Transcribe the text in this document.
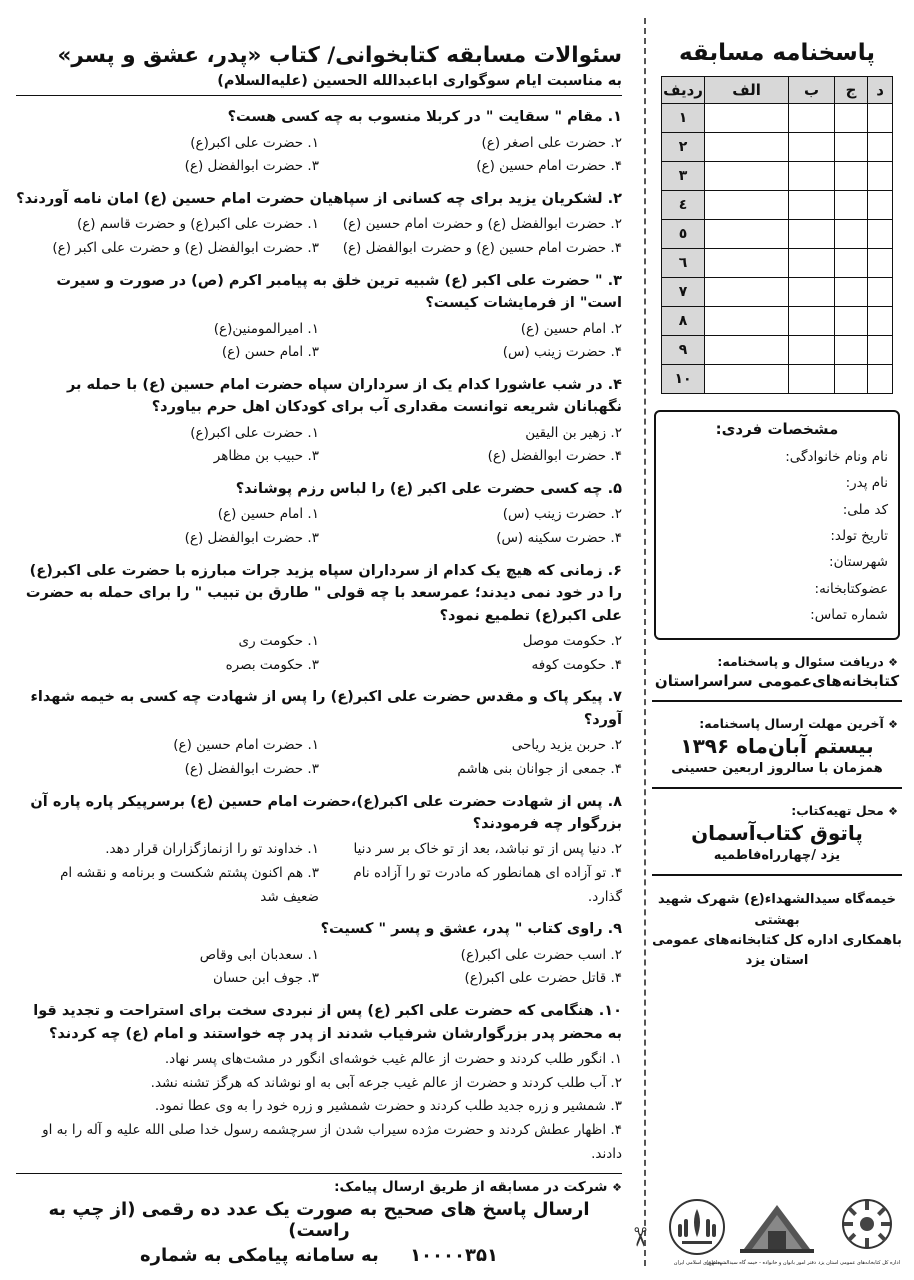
پاسخنامه مسابقه
د	ج	ب	الف	ردیف
				۱
				۲
				۳
				٤
				٥
				٦
				۷
				۸
				۹
				۱۰
مشخصات فردی:
نام ونام خانوادگی:
نام پدر:
کد ملی:
تاریخ تولد:
شهرستان:
عضوکتابخانه:
شماره تماس:
❖ دریافت سئوال و پاسخنامه:
کتابخانه‌های‌عمومی سراسراستان
❖ آخرین مهلت ارسال پاسخنامه:
بیستم آبان‌ماه ۱۳۹۶
همزمان با سالروز اربعین حسینی
❖ محل تهیه‌کتاب:
پاتوق کتاب‌آسمان
یزد /چهارراه‌فاطمیه
خیمه‌گاه سیدالشهداء(ع) شهرک شهید بهشتی
باهمکاری اداره کل کتابخانه‌های عمومی استان یزد
اداره کل کتابخانه‌های عمومی استان یزد
دفتر امور بانوان و خانواده - خیمه گاه سیدالشهداء(ع)
جمهوری اسلامی ایران
✂
سئوالات مسابقه کتابخوانی/ کتاب «پدر، عشق و پسر»
به مناسبت ایام سوگواری اباعبدالله الحسین (علیه‌السلام)
۱. مقام " سقایت " در کربلا منسوب به چه کسی هست؟
۲. حضرت علی اصغر (ع)
۱. حضرت علی اکبر(ع)
۴. حضرت امام حسین (ع)
۳. حضرت ابوالفضل (ع)
۲. لشکریان یزید برای چه کسانی از سپاهیان حضرت امام حسین (ع) امان نامه آوردند؟
۲. حضرت ابوالفضل (ع) و حضرت امام حسین (ع)
۱. حضرت علی اکبر(ع) و حضرت قاسم (ع)
۴. حضرت امام حسین (ع) و حضرت ابوالفضل (ع)
۳. حضرت ابوالفضل (ع) و حضرت علی اکبر (ع)
۳. " حضرت علی اکبر (ع) شبیه ترین خلق به پیامبر اکرم (ص) در صورت و سیرت است" از فرمایشات کیست؟
۲. امام حسین (ع)
۱. امیرالمومنین(ع)
۴. حضرت زینب (س)
۳. امام حسن (ع)
۴. در شب عاشورا کدام یک از سرداران سپاه حضرت امام حسین (ع) با حمله بر نگهبانان شریعه توانست مقداری آب برای کودکان اهل حرم بیاورد؟
۲. زهیر بن الیقین
۱. حضرت علی اکبر(ع)
۴. حضرت ابوالفضل (ع)
۳. حبیب بن مظاهر
۵. چه کسی حضرت علی اکبر (ع) را لباس رزم پوشاند؟
۲. حضرت زینب (س)
۱. امام حسین (ع)
۴. حضرت سکینه (س)
۳. حضرت ابوالفضل (ع)
۶. زمانی که هیچ یک کدام از سرداران سپاه یزید جرات مبارزه با حضرت علی اکبر(ع) را در خود نمی دیدند؛ عمرسعد با چه قولی " طارق بن تبیب " را برای حمله به حضرت علی اکبر(ع) تطمیع نمود؟
۲. حکومت موصل
۱. حکومت ری
۴. حکومت کوفه
۳. حکومت بصره
۷. پیکر پاک و مقدس حضرت علی اکبر(ع) را پس از شهادت چه کسی به خیمه شهداء آورد؟
۲. حربن یزید ریاحی
۱. حضرت امام حسین (ع)
۴. جمعی از جوانان بنی هاشم
۳. حضرت ابوالفضل (ع)
۸. پس از شهادت حضرت علی اکبر(ع)،حضرت امام حسین (ع) برسرپیکر پاره پاره آن بزرگوار چه فرمودند؟
۲. دنیا پس از تو نباشد، بعد از تو خاک بر سر دنیا
۱. خداوند تو را ازنمازگزاران قرار دهد.
۴. تو آزاده ای همانطور که مادرت تو را آزاده نام گذارد.
۳. هم اکنون پشتم شکست و برنامه و نقشه ام ضعیف شد
۹. راوی کتاب " پدر، عشق و پسر " کسیت؟
۲. اسب حضرت علی اکبر(ع)
۱. سعدبان ابی وقاص
۴. قاتل حضرت علی اکبر(ع)
۳. جوف ابن حسان
۱۰. هنگامی که حضرت علی اکبر (ع) پس از نبردی سخت برای استراحت و تجدید قوا به محضر پدر بزرگوارشان شرفیاب شدند از پدر چه خواستند و امام (ع) چه کردند؟
۱. انگور طلب کردند و حضرت از عالم غیب خوشه‌ای انگور در مشت‌های پسر نهاد.
۲. آب طلب کردند و حضرت از عالم غیب جرعه آبی به او نوشاند که هرگز تشنه نشد.
۳. شمشیر و زره جدید طلب کردند و حضرت شمشیر و زره خود را به وی عطا نمود.
۴. اظهار عطش کردند و حضرت مژده سیراب شدن از سرچشمه رسول خدا صلی الله علیه و آله را به او دادند.
❖ شرکت در مسابقه از طریق ارسال پیامک:
ارسال پاسخ های صحیح به صورت یک عدد ده رقمی (از چپ به راست)
۱۰۰۰۰۳۵۱     به سامانه پیامکی به شماره
